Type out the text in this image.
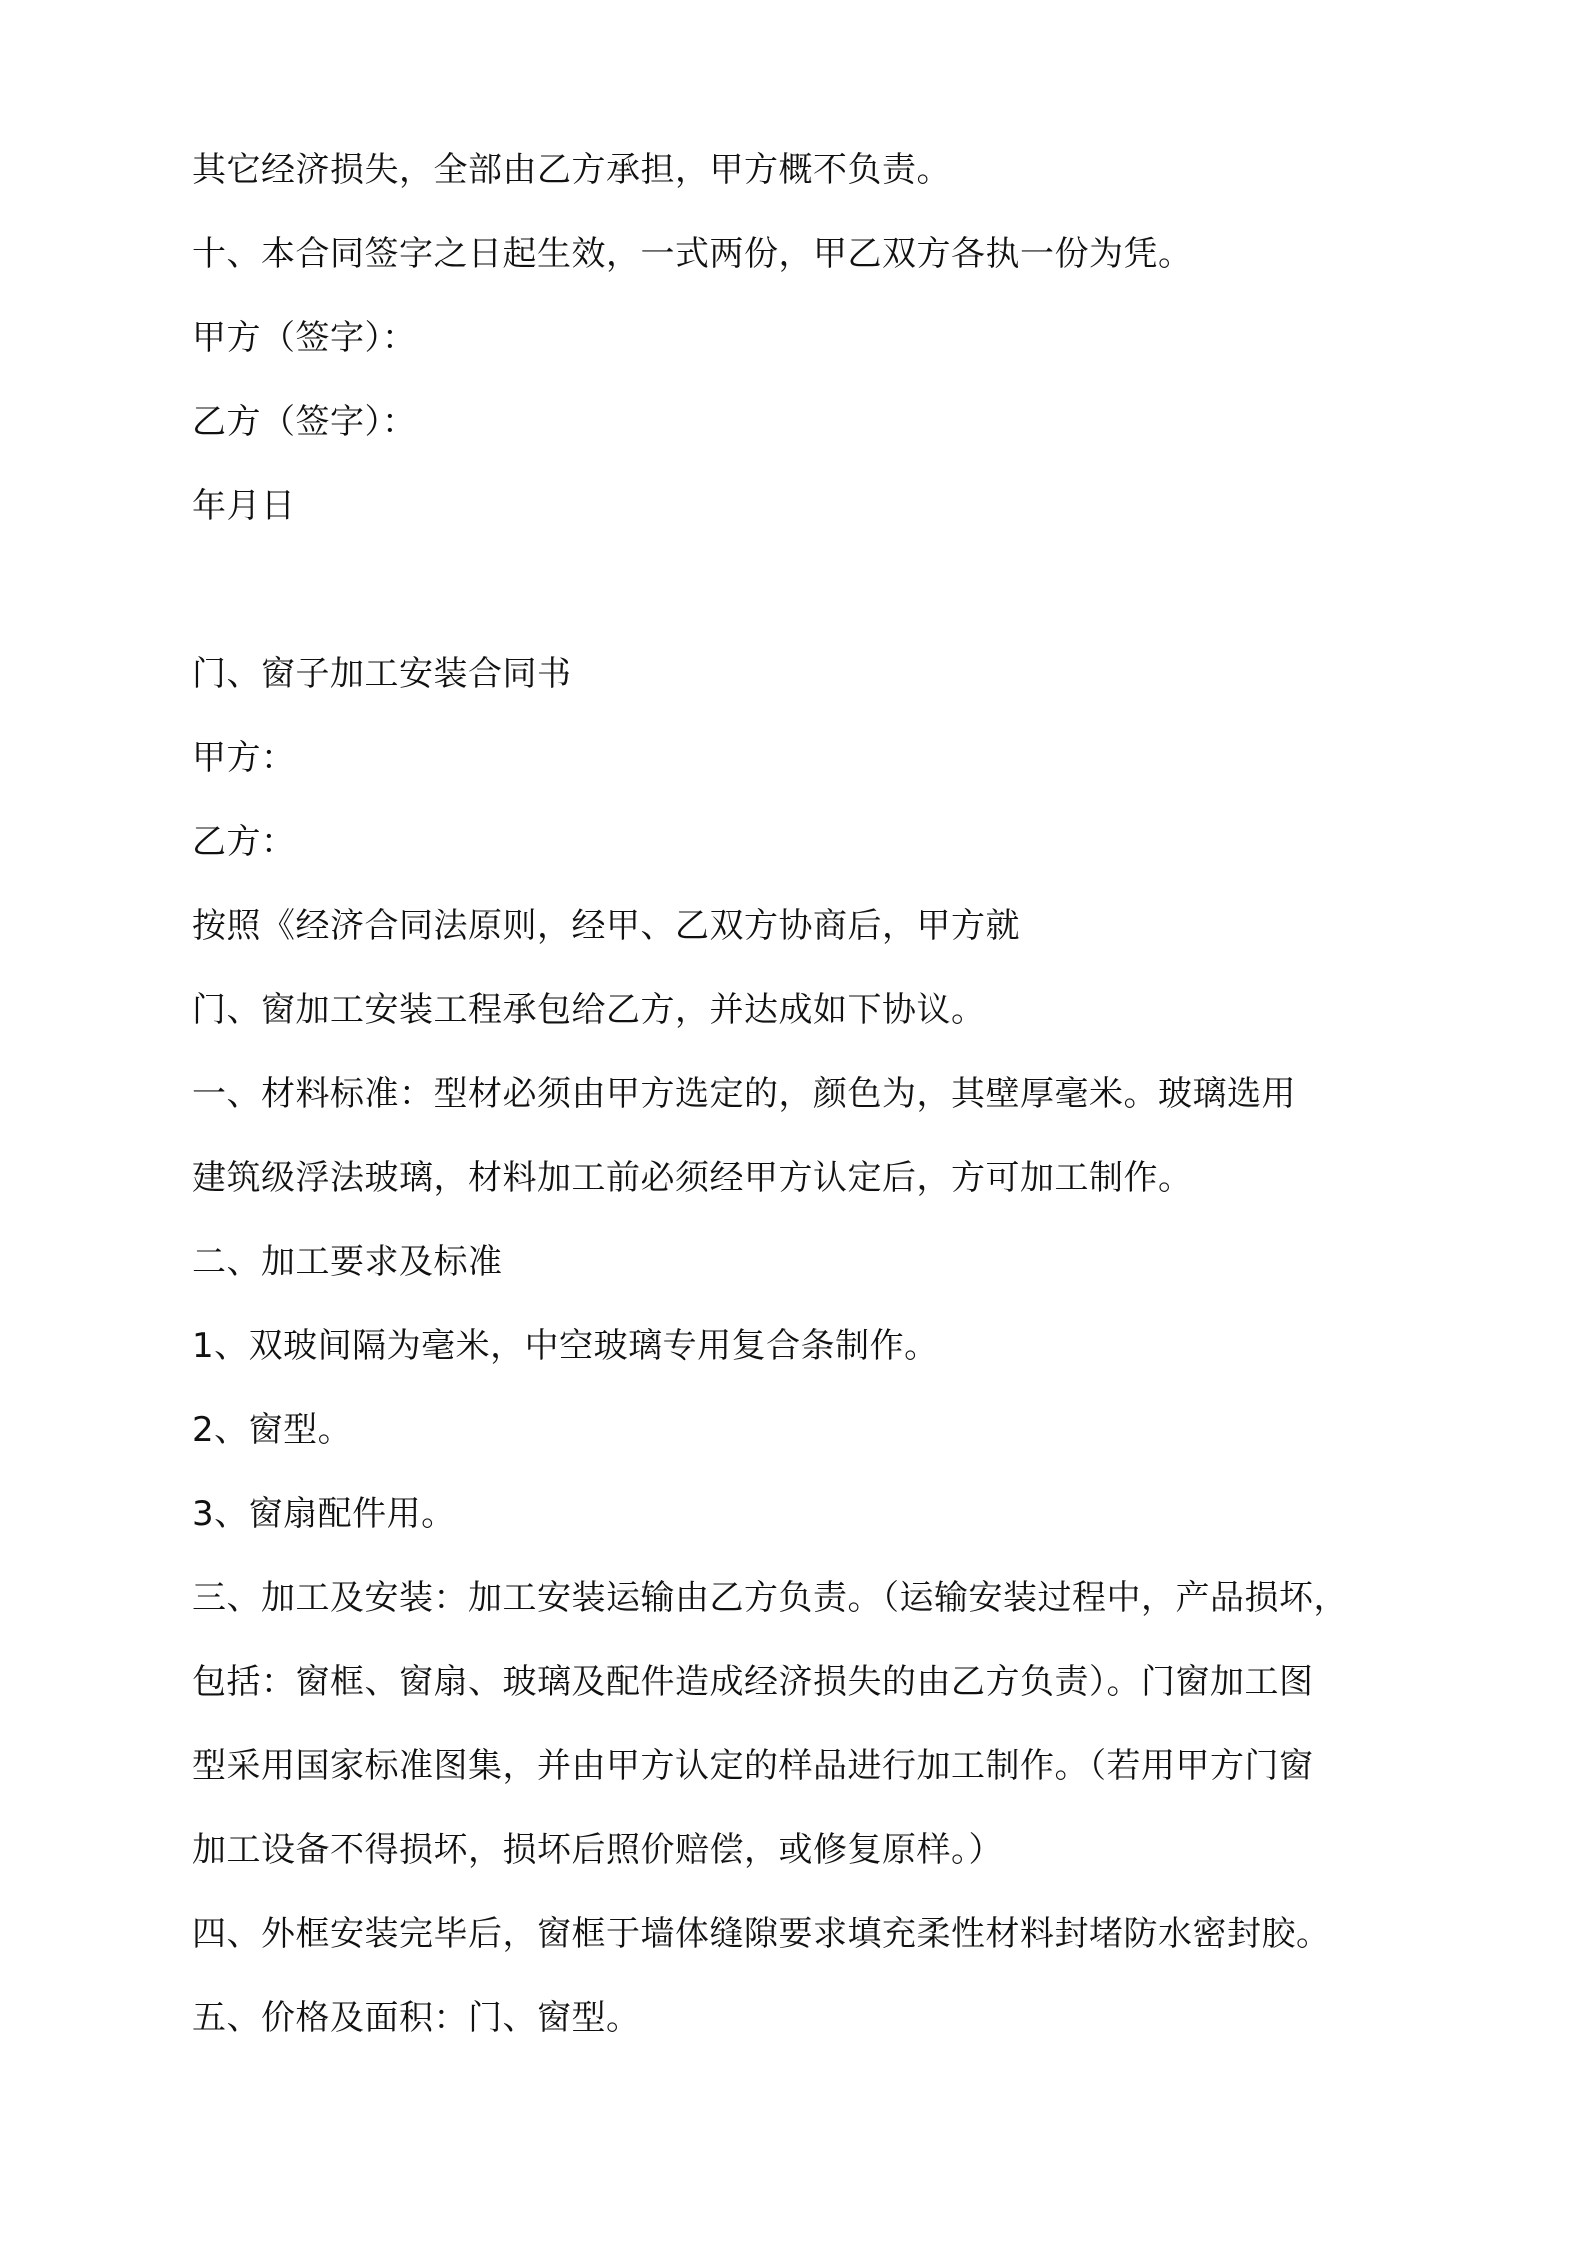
其它经济损失，全部由乙方承担，甲方概不负责。

十、本合同签字之日起生效，一式两份，甲乙双方各执一份为凭。

甲方（签字）：

乙方（签字）：

年月日

门、窗子加工安装合同书

甲方：

乙方：

按照《经济合同法原则，经甲、乙双方协商后，甲方就

门、窗加工安装工程承包给乙方，并达成如下协议。

一、材料标准：型材必须由甲方选定的，颜色为，其壁厚毫米。玻璃选用

建筑级浮法玻璃，材料加工前必须经甲方认定后，方可加工制作。

二、加工要求及标准

1、双玻间隔为毫米，中空玻璃专用复合条制作。

2、窗型。

3、窗扇配件用。

三、加工及安装：加工安装运输由乙方负责。（运输安装过程中，产品损坏，

包括：窗框、窗扇、玻璃及配件造成经济损失的由乙方负责）。门窗加工图

型采用国家标准图集，并由甲方认定的样品进行加工制作。（若用甲方门窗

加工设备不得损坏，损坏后照价赔偿，或修复原样。）

四、外框安装完毕后，窗框于墙体缝隙要求填充柔性材料封堵防水密封胶。

五、价格及面积：门、窗型。
